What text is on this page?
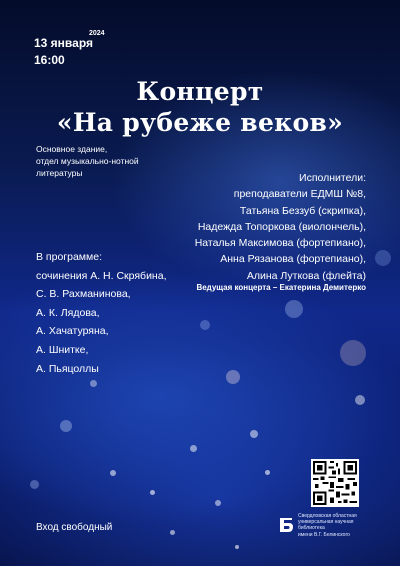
13 января
2024
16:00
Концерт
«На рубеже веков»
Основное здание,
отдел музыкально-нотной
литературы	Исполнители:
преподаватели ЕДМШ №8,
Татьяна Беззуб (скрипка),
Надежда Топоркова (виолончель),
Наталья Максимова (фортепиано),
Анна Рязанова (фортепиано),
Алина Луткова (флейта)
Ведущая концерта – Екатерина Демитерко
В программе:
сочинения А. Н. Скрябина,
С. В. Рахманинова,
А. К. Лядова,
А. Хачатуряна,
А. Шнитке,
А. Пьяцоллы
Вход свободный
Свердловская областная
универсальная научная библиотека
имени В.Г. Белинского
